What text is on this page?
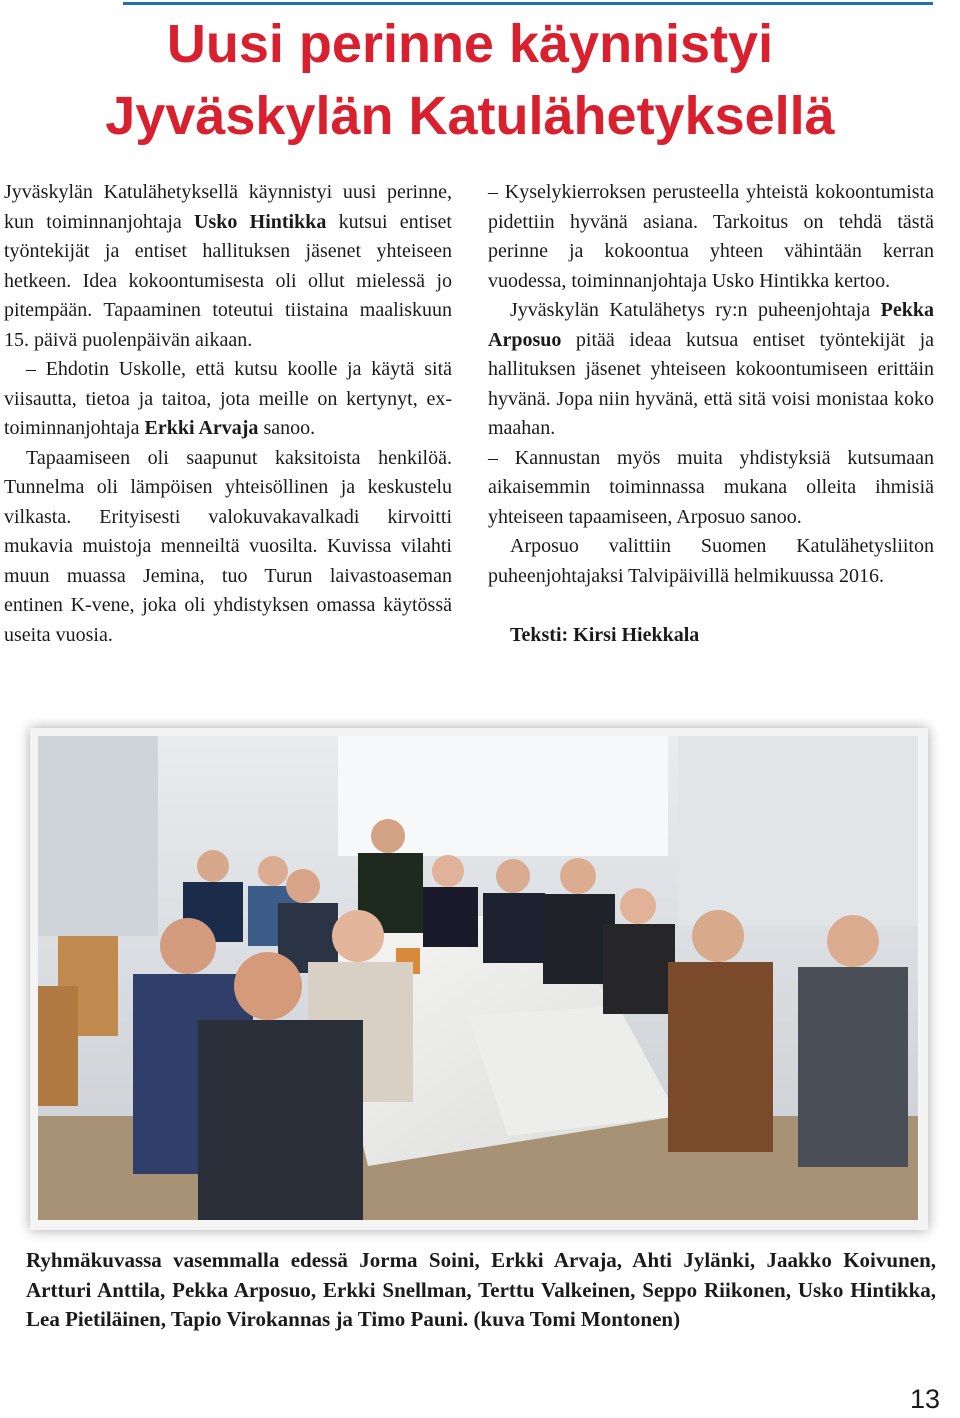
Uusi perinne käynnistyi
Jyväskylän Katulähetyksellä

Jyväskylän Katulähetyksellä käynnistyi uusi perinne, kun toiminnanjohtaja Usko Hintikka kutsui entiset työntekijät ja entiset hallituksen jäsenet yhteiseen hetkeen. Idea kokoontumisesta oli ollut mielessä jo pitempään. Tapaaminen toteutui tiistaina maaliskuun 15. päivä puolenpäivän aikaan.

– Ehdotin Uskolle, että kutsu koolle ja käytä sitä viisautta, tietoa ja taitoa, jota meille on kertynyt, ex-toiminnanjohtaja Erkki Arvaja sanoo.

Tapaamiseen oli saapunut kaksitoista henkilöä. Tunnelma oli lämpöisen yhteisöllinen ja keskustelu vilkasta. Erityisesti valokuvakavalkadi kirvoitti mukavia muistoja menneiltä vuosilta. Kuvissa vilahti muun muassa Jemina, tuo Turun laivastoaseman entinen K-vene, joka oli yhdistyksen omassa käytössä useita vuosia.

– Kyselykierroksen perusteella yhteistä kokoontumista pidettiin hyvänä asiana. Tarkoitus on tehdä tästä perinne ja kokoontua yhteen vähintään kerran vuodessa, toiminnanjohtaja Usko Hintikka kertoo.

Jyväskylän Katulähetys ry:n puheenjohtaja Pekka Arposuo pitää ideaa kutsua entiset työntekijät ja hallituksen jäsenet yhteiseen kokoontumiseen erittäin hyvänä. Jopa niin hyvänä, että sitä voisi monistaa koko maahan.

– Kannustan myös muita yhdistyksiä kutsumaan aikaisemmin toiminnassa mukana olleita ihmisiä yhteiseen tapaamiseen, Arposuo sanoo.

Arposuo valittiin Suomen Katulähetysliiton puheenjohtajaksi Talvipäivillä helmikuussa 2016.

Teksti: Kirsi Hiekkala

Ryhmäkuvassa vasemmalla edessä Jorma Soini, Erkki Arvaja, Ahti Jylänki, Jaakko Koivunen, Artturi Anttila, Pekka Arposuo, Erkki Snellman, Terttu Valkeinen, Seppo Riikonen, Usko Hintikka, Lea Pietiläinen, Tapio Virokannas ja Timo Pauni. (kuva Tomi Montonen)

13
